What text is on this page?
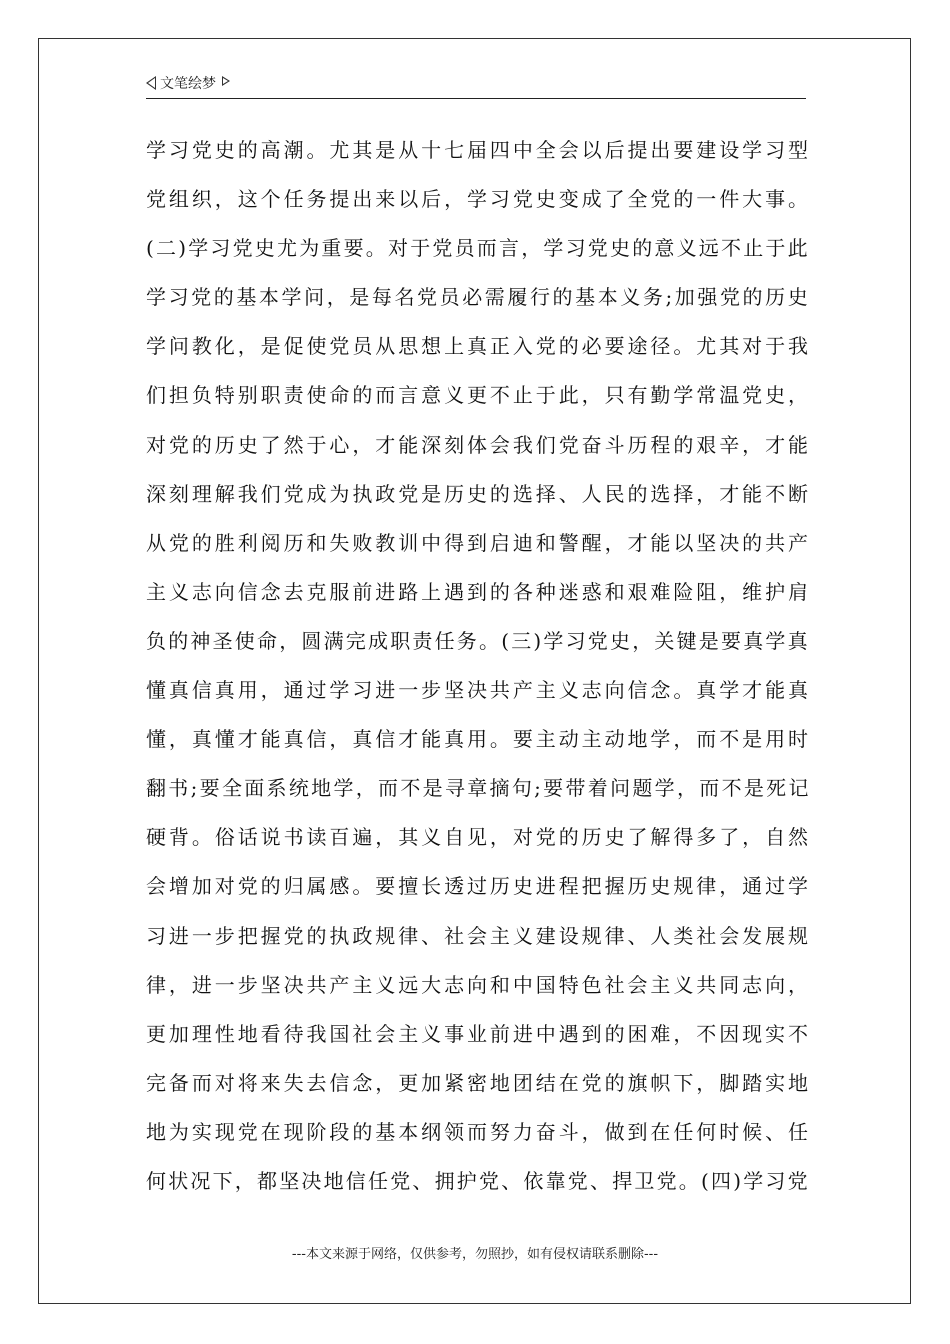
文笔绘梦
学习党史的高潮。尤其是从十七届四中全会以后提出要建设学习型
党组织，这个任务提出来以后，学习党史变成了全党的一件大事。
(二)学习党史尤为重要。对于党员而言，学习党史的意义远不止于此
学习党的基本学问，是每名党员必需履行的基本义务;加强党的历史
学问教化，是促使党员从思想上真正入党的必要途径。尤其对于我
们担负特别职责使命的而言意义更不止于此，只有勤学常温党史，
对党的历史了然于心，才能深刻体会我们党奋斗历程的艰辛，才能
深刻理解我们党成为执政党是历史的选择、人民的选择，才能不断
从党的胜利阅历和失败教训中得到启迪和警醒，才能以坚决的共产
主义志向信念去克服前进路上遇到的各种迷惑和艰难险阻，维护肩
负的神圣使命，圆满完成职责任务。(三)学习党史，关键是要真学真
懂真信真用，通过学习进一步坚决共产主义志向信念。真学才能真
懂，真懂才能真信，真信才能真用。要主动主动地学，而不是用时
翻书;要全面系统地学，而不是寻章摘句;要带着问题学，而不是死记
硬背。俗话说书读百遍，其义自见，对党的历史了解得多了，自然
会增加对党的归属感。要擅长透过历史进程把握历史规律，通过学
习进一步把握党的执政规律、社会主义建设规律、人类社会发展规
律，进一步坚决共产主义远大志向和中国特色社会主义共同志向，
更加理性地看待我国社会主义事业前进中遇到的困难，不因现实不
完备而对将来失去信念，更加紧密地团结在党的旗帜下，脚踏实地
地为实现党在现阶段的基本纲领而努力奋斗，做到在任何时候、任
何状况下，都坚决地信任党、拥护党、依靠党、捍卫党。(四)学习党
---本文来源于网络，仅供参考，勿照抄，如有侵权请联系删除---
